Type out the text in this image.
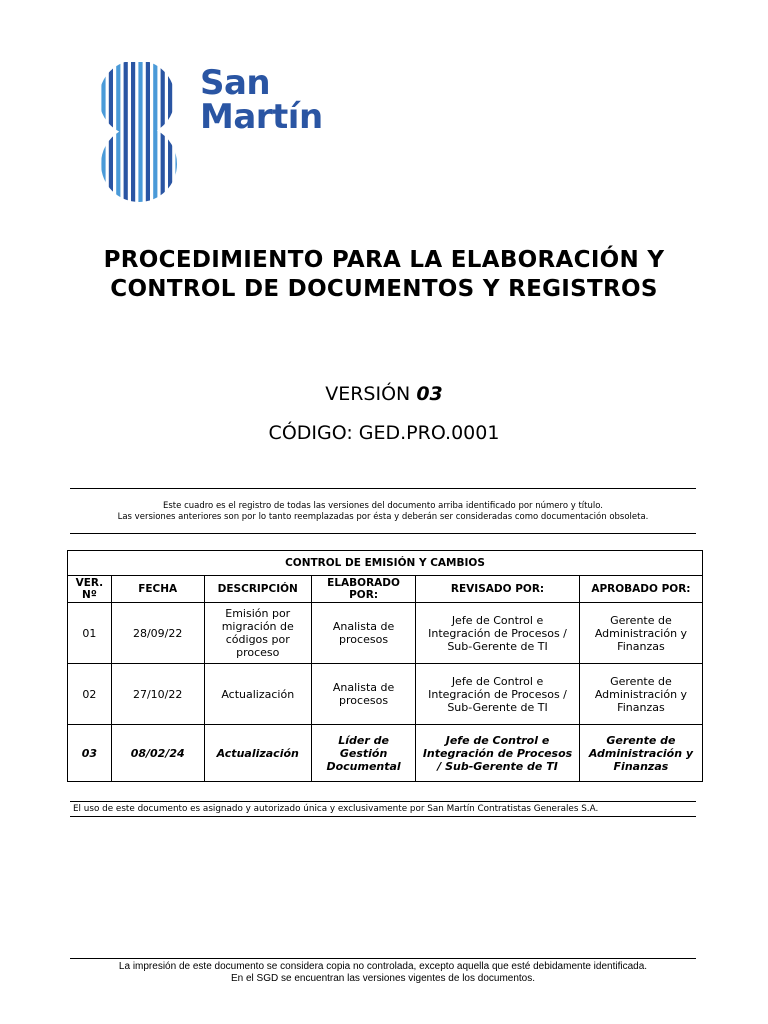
San
Martín
PROCEDIMIENTO PARA LA ELABORACIÓN Y CONTROL DE DOCUMENTOS Y REGISTROS
VERSIÓN 03
CÓDIGO: GED.PRO.0001
Este cuadro es el registro de todas las versiones del documento arriba identificado por número y título.
Las versiones anteriores son por lo tanto reemplazadas por ésta y deberán ser consideradas como documentación obsoleta.
CONTROL DE EMISIÓN Y CAMBIOS					
VER. Nº	FECHA	DESCRIPCIÓN	ELABORADO POR:	REVISADO POR:	APROBADO POR:
01	28/09/22	Emisión por migración de códigos por proceso	Analista de procesos	Jefe de Control e Integración de Procesos / Sub-Gerente de TI	Gerente de Administración y Finanzas
02	27/10/22	Actualización	Analista de procesos	Jefe de Control e Integración de Procesos / Sub-Gerente de TI	Gerente de Administración y Finanzas
03	08/02/24	Actualización	Líder de Gestión Documental	Jefe de Control e Integración de Procesos / Sub-Gerente de TI	Gerente de Administración y Finanzas
El uso de este documento es asignado y autorizado única y exclusivamente por San Martín Contratistas Generales S.A.
La impresión de este documento se considera copia no controlada, excepto aquella que esté debidamente identificada.
En el SGD se encuentran las versiones vigentes de los documentos.
